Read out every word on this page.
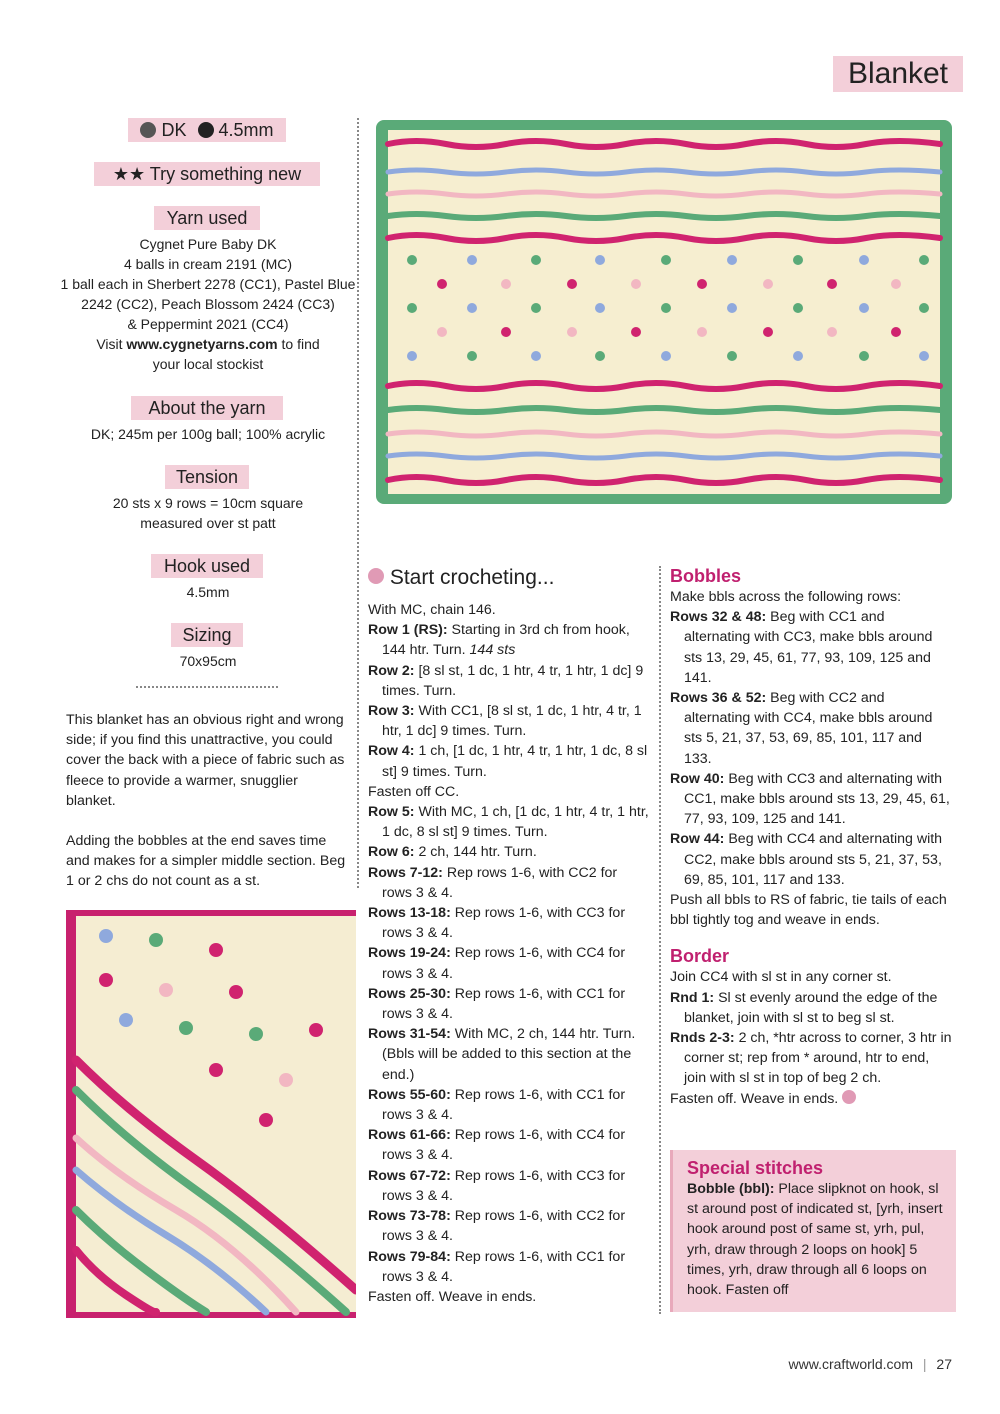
Blanket
DK 4.5mm
★★ Try something new
Yarn used
Cygnet Pure Baby DK
4 balls in cream 2191 (MC)
1 ball each in Sherbert 2278 (CC1), Pastel Blue
2242 (CC2), Peach Blossom 2424 (CC3)
& Peppermint 2021 (CC4)
Visit www.cygnetyarns.com to find
your local stockist
About the yarn
DK; 245m per 100g ball; 100% acrylic
Tension
20 sts x 9 rows = 10cm square
measured over st patt
Hook used
4.5mm
Sizing
70x95cm

This blanket has an obvious right and wrong side; if you find this unattractive, you could cover the back with a piece of fabric such as fleece to provide a warmer, snugglier blanket.

Adding the bobbles at the end saves time and makes for a simpler middle section. Beg 1 or 2 chs do not count as a st.

Start crocheting...
With MC, chain 146.
Row 1 (RS): Starting in 3rd ch from hook, 144 htr. Turn. 144 sts
Row 2: [8 sl st, 1 dc, 1 htr, 4 tr, 1 htr, 1 dc] 9 times. Turn.
Row 3: With CC1, [8 sl st, 1 dc, 1 htr, 4 tr, 1 htr, 1 dc] 9 times. Turn.
Row 4: 1 ch, [1 dc, 1 htr, 4 tr, 1 htr, 1 dc, 8 sl st] 9 times. Turn.
Fasten off CC.
Row 5: With MC, 1 ch, [1 dc, 1 htr, 4 tr, 1 htr, 1 dc, 8 sl st] 9 times. Turn.
Row 6: 2 ch, 144 htr. Turn.
Rows 7-12: Rep rows 1-6, with CC2 for rows 3 & 4.
Rows 13-18: Rep rows 1-6, with CC3 for rows 3 & 4.
Rows 19-24: Rep rows 1-6, with CC4 for rows 3 & 4.
Rows 25-30: Rep rows 1-6, with CC1 for rows 3 & 4.
Rows 31-54: With MC, 2 ch, 144 htr. Turn. (Bbls will be added to this section at the end.)
Rows 55-60: Rep rows 1-6, with CC1 for rows 3 & 4.
Rows 61-66: Rep rows 1-6, with CC4 for rows 3 & 4.
Rows 67-72: Rep rows 1-6, with CC3 for rows 3 & 4.
Rows 73-78: Rep rows 1-6, with CC2 for rows 3 & 4.
Rows 79-84: Rep rows 1-6, with CC1 for rows 3 & 4.
Fasten off. Weave in ends.
Bobbles
Make bbls across the following rows:
Rows 32 & 48: Beg with CC1 and alternating with CC3, make bbls around sts 13, 29, 45, 61, 77, 93, 109, 125 and 141.
Rows 36 & 52: Beg with CC2 and alternating with CC4, make bbls around sts 5, 21, 37, 53, 69, 85, 101, 117 and 133.
Row 40: Beg with CC3 and alternating with CC1, make bbls around sts 13, 29, 45, 61, 77, 93, 109, 125 and 141.
Row 44: Beg with CC4 and alternating with CC2, make bbls around sts 5, 21, 37, 53, 69, 85, 101, 117 and 133.
Push all bbls to RS of fabric, tie tails of each bbl tightly tog and weave in ends.
Border
Join CC4 with sl st in any corner st.
Rnd 1: Sl st evenly around the edge of the blanket, join with sl st to beg sl st.
Rnds 2-3: 2 ch, *htr across to corner, 3 htr in corner st; rep from * around, htr to end, join with sl st in top of beg 2 ch.
Fasten off. Weave in ends.
Special stitches
Bobble (bbl): Place slipknot on hook, sl st around post of indicated st, [yrh, insert hook around post of same st, yrh, pul, yrh, draw through 2 loops on hook] 5 times, yrh, draw through all 6 loops on hook. Fasten off
www.craftworld.com | 27
